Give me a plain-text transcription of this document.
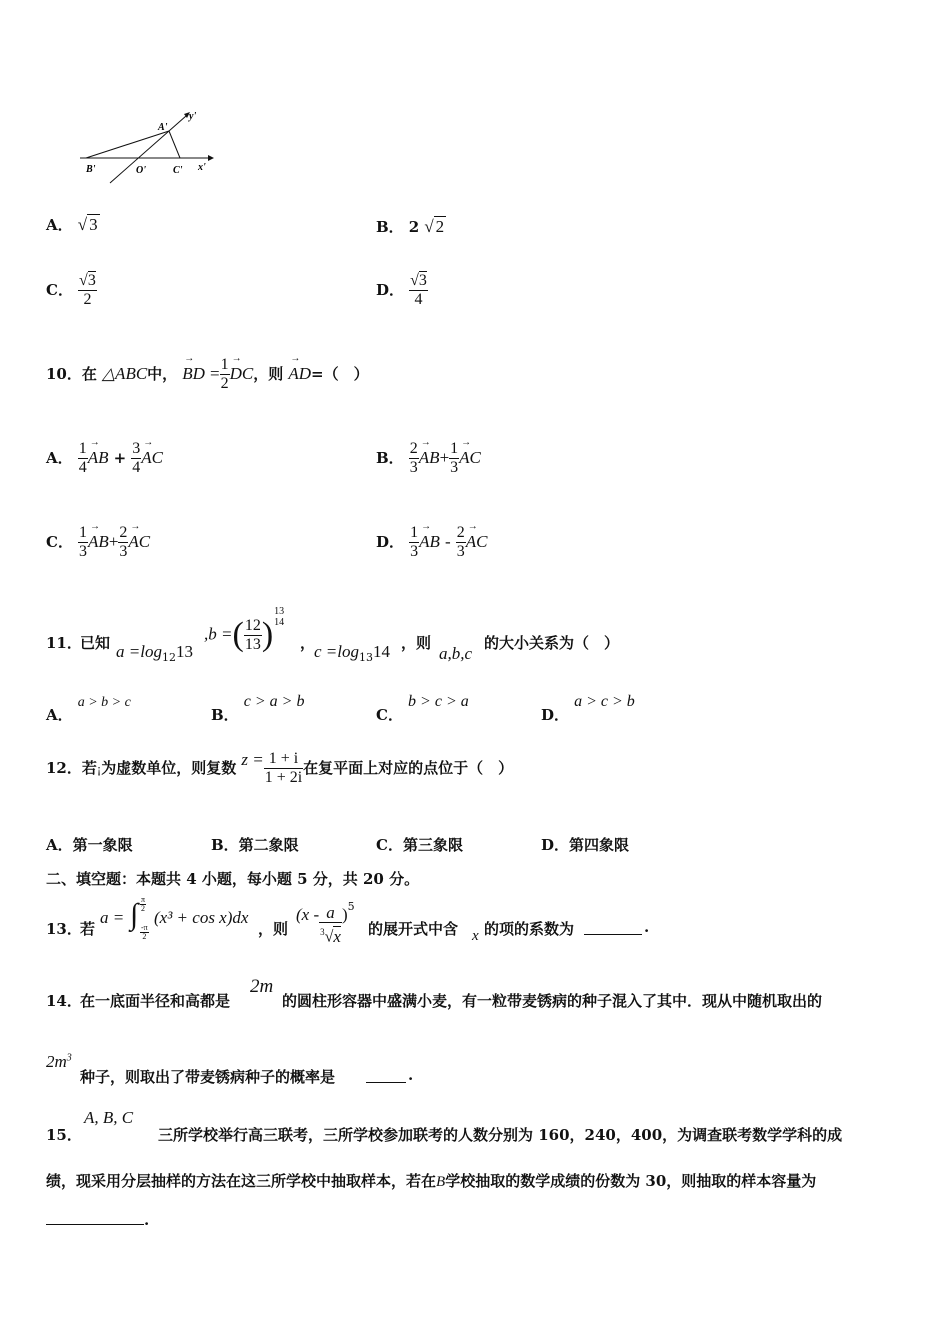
A'
y'
B'	O'	C' x'
A． √ 3	B． 2 √ 2
C． $\frac{√3}{2}$	D． $\frac{√3}{4}$
10．在 △ABC中， → BD = $\frac{1}{2}$
→ DC，则 → AD=（　）
A． $\frac{1}{4}$
→ AB + $\frac{3}{4}$
→ AC	B． $\frac{2}{3}$
→ $AB+ \frac{1}{3}$
→ AC
C． $\frac{1}{3}$
→ $AB+ \frac{2}{3}$
→ AC	D． $\frac{1}{3}$
→ AB - $\frac{2}{3}$
→ AC
11．
已知 $a =\log_{12}13$
,b =( $\frac{12}{13}$ )
13
14
，
$c =\log_{13}14$ ，则
a,b,c
的大小关系为（　）
A． a > b > c
B． c > a > b
C． b > c > a
D． a > c > b
12．若¡为虚数单位，则复数 $z = \frac{1 + i}{1 + 2i}$ 在复平面上对应的点位于（　）
A．第一象限	B．第二象限	C．第三象限	D．第四象限
二、填空题：本题共 4 小题，每小题 5 分，共 20 分。
13．
若
a = ∫ $\frac{\pi}{2}$
$\frac{-\pi}{2}$
(x³ + cos x)dx
，则
$(x - \frac{a}{^3√x} )^5$
的展开式中含 x 的项的系数为	.
14．
在一底面半径和高都是
2m
的圆柱形容器中盛满小麦，有一粒带麦锈病的种子混入了其中．现从中随机取出的
$2m^3$
种子，则取出了带麦锈病种子的概率是	.
15．
A, B, C
三所学校举行高三联考，三所学校参加联考的人数分别为 160，240，400，为调查联考数学学科的成
绩，现采用分层抽样的方法在这三所学校中抽取样本，若在B学校抽取的数学成绩的份数为 30，则抽取的样本容量为
.
